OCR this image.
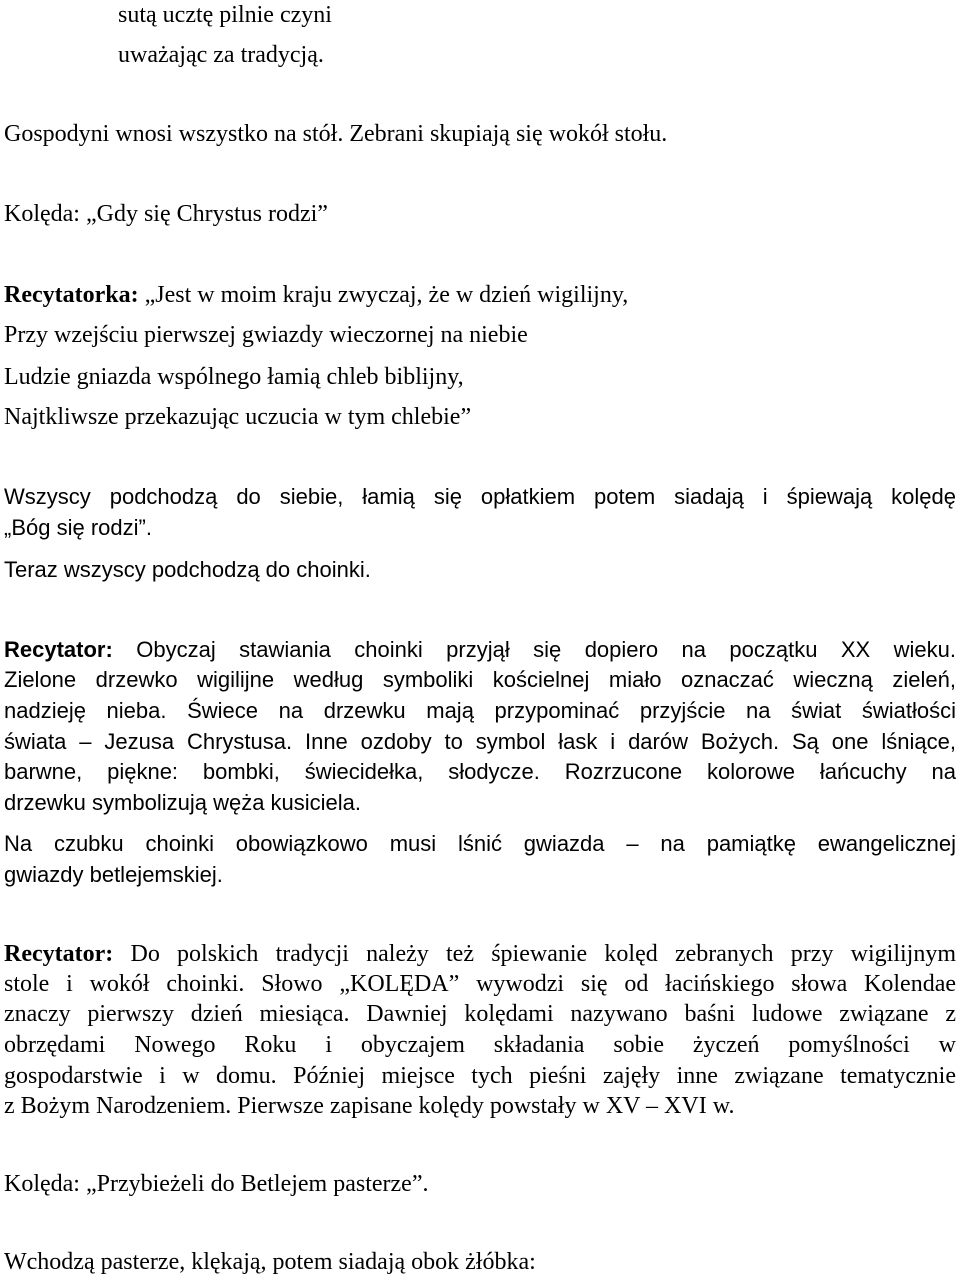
sutą ucztę pilnie czyni
uważając za tradycją.
Gospodyni wnosi wszystko na stół. Zebrani skupiają się wokół stołu.
Kolęda: „Gdy się Chrystus rodzi”
Recytatorka: „Jest w moim kraju zwyczaj, że w dzień wigilijny,
Przy wzejściu pierwszej gwiazdy wieczornej na niebie
Ludzie gniazda wspólnego łamią chleb biblijny,
Najtkliwsze przekazując uczucia w tym chlebie”
Wszyscy podchodzą do siebie, łamią się opłatkiem potem siadają i śpiewają kolędę
„Bóg się rodzi”.
Teraz wszyscy podchodzą do choinki.
Recytator: Obyczaj stawiania choinki przyjął się dopiero na początku XX wieku.
Zielone drzewko wigilijne według symboliki kościelnej miało oznaczać wieczną zieleń,
nadzieję nieba. Świece na drzewku mają przypominać przyjście na świat światłości
świata – Jezusa Chrystusa. Inne ozdoby to symbol łask i darów Bożych. Są one lśniące,
barwne, piękne: bombki, świecidełka, słodycze. Rozrzucone kolorowe łańcuchy na
drzewku symbolizują węża kusiciela.
Na czubku choinki obowiązkowo musi lśnić gwiazda – na pamiątkę ewangelicznej
gwiazdy betlejemskiej.
Recytator: Do polskich tradycji należy też śpiewanie kolęd zebranych przy wigilijnym
stole i wokół choinki. Słowo „KOLĘDA” wywodzi się od łacińskiego słowa Kolendae
znaczy pierwszy dzień miesiąca. Dawniej kolędami nazywano baśni ludowe związane z
obrzędami Nowego Roku i obyczajem składania sobie życzeń pomyślności w
gospodarstwie i w domu. Później miejsce tych pieśni zajęły inne związane tematycznie
z Bożym Narodzeniem. Pierwsze zapisane kolędy powstały w XV – XVI w.
Kolęda: „Przybieżeli do Betlejem pasterze”.
Wchodzą pasterze, klękają, potem siadają obok żłóbka:
